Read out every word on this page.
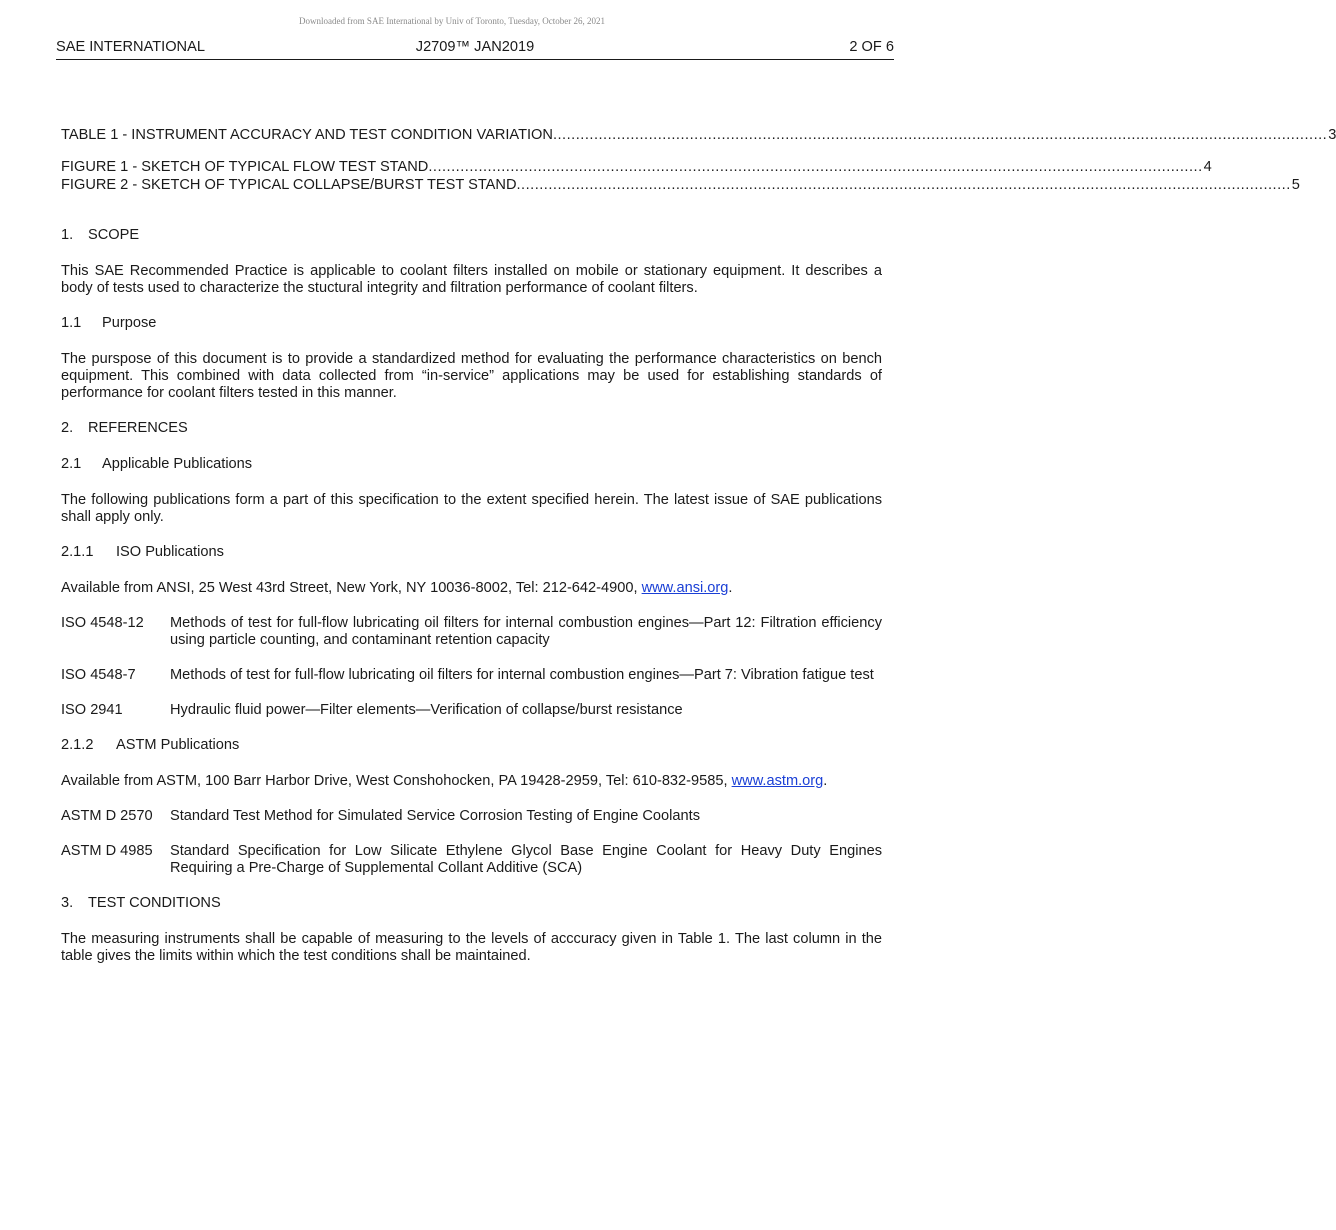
Downloaded from SAE International by Univ of Toronto, Tuesday, October 26, 2021
J2709™ JAN2019
SAE INTERNATIONAL	2 OF 6
TABLE 1 - INSTRUMENT ACCURACY AND TEST CONDITION VARIATION .......................................................................................................................................................................... 3
FIGURE 1 - SKETCH OF TYPICAL FLOW TEST STAND .......................................................................................................................................................................... 4
FIGURE 2 - SKETCH OF TYPICAL COLLAPSE/BURST TEST STAND .......................................................................................................................................................................... 5
1.	SCOPE

This SAE Recommended Practice is applicable to coolant filters installed on mobile or stationary equipment. It describes a body of tests used to characterize the stuctural integrity and filtration performance of coolant filters.

1.1	Purpose

The purspose of this document is to provide a standardized method for evaluating the performance characteristics on bench equipment. This combined with data collected from “in-service” applications may be used for establishing standards of performance for coolant filters tested in this manner.

2.	REFERENCES
2.1	Applicable Publications

The following publications form a part of this specification to the extent specified herein. The latest issue of SAE publications shall apply only.

2.1.1	ISO Publications

Available from ANSI, 25 West 43rd Street, New York, NY 10036-8002, Tel: 212-642-4900, www.ansi.org.

ISO 4548-12	Methods of test for full-flow lubricating oil filters for internal combustion engines—Part 12: Filtration efficiency using particle counting, and contaminant retention capacity
ISO 4548-7	Methods of test for full-flow lubricating oil filters for internal combustion engines—Part 7: Vibration fatigue test
ISO 2941	Hydraulic fluid power—Filter elements—Verification of collapse/burst resistance
2.1.2	ASTM Publications

Available from ASTM, 100 Barr Harbor Drive, West Conshohocken, PA 19428-2959, Tel: 610-832-9585, www.astm.org.

ASTM D 2570	Standard Test Method for Simulated Service Corrosion Testing of Engine Coolants
ASTM D 4985	Standard Specification for Low Silicate Ethylene Glycol Base Engine Coolant for Heavy Duty Engines Requiring a Pre-Charge of Supplemental Collant Additive (SCA)
3.	TEST CONDITIONS

The measuring instruments shall be capable of measuring to the levels of acccuracy given in Table 1. The last column in the table gives the limits within which the test conditions shall be maintained.
